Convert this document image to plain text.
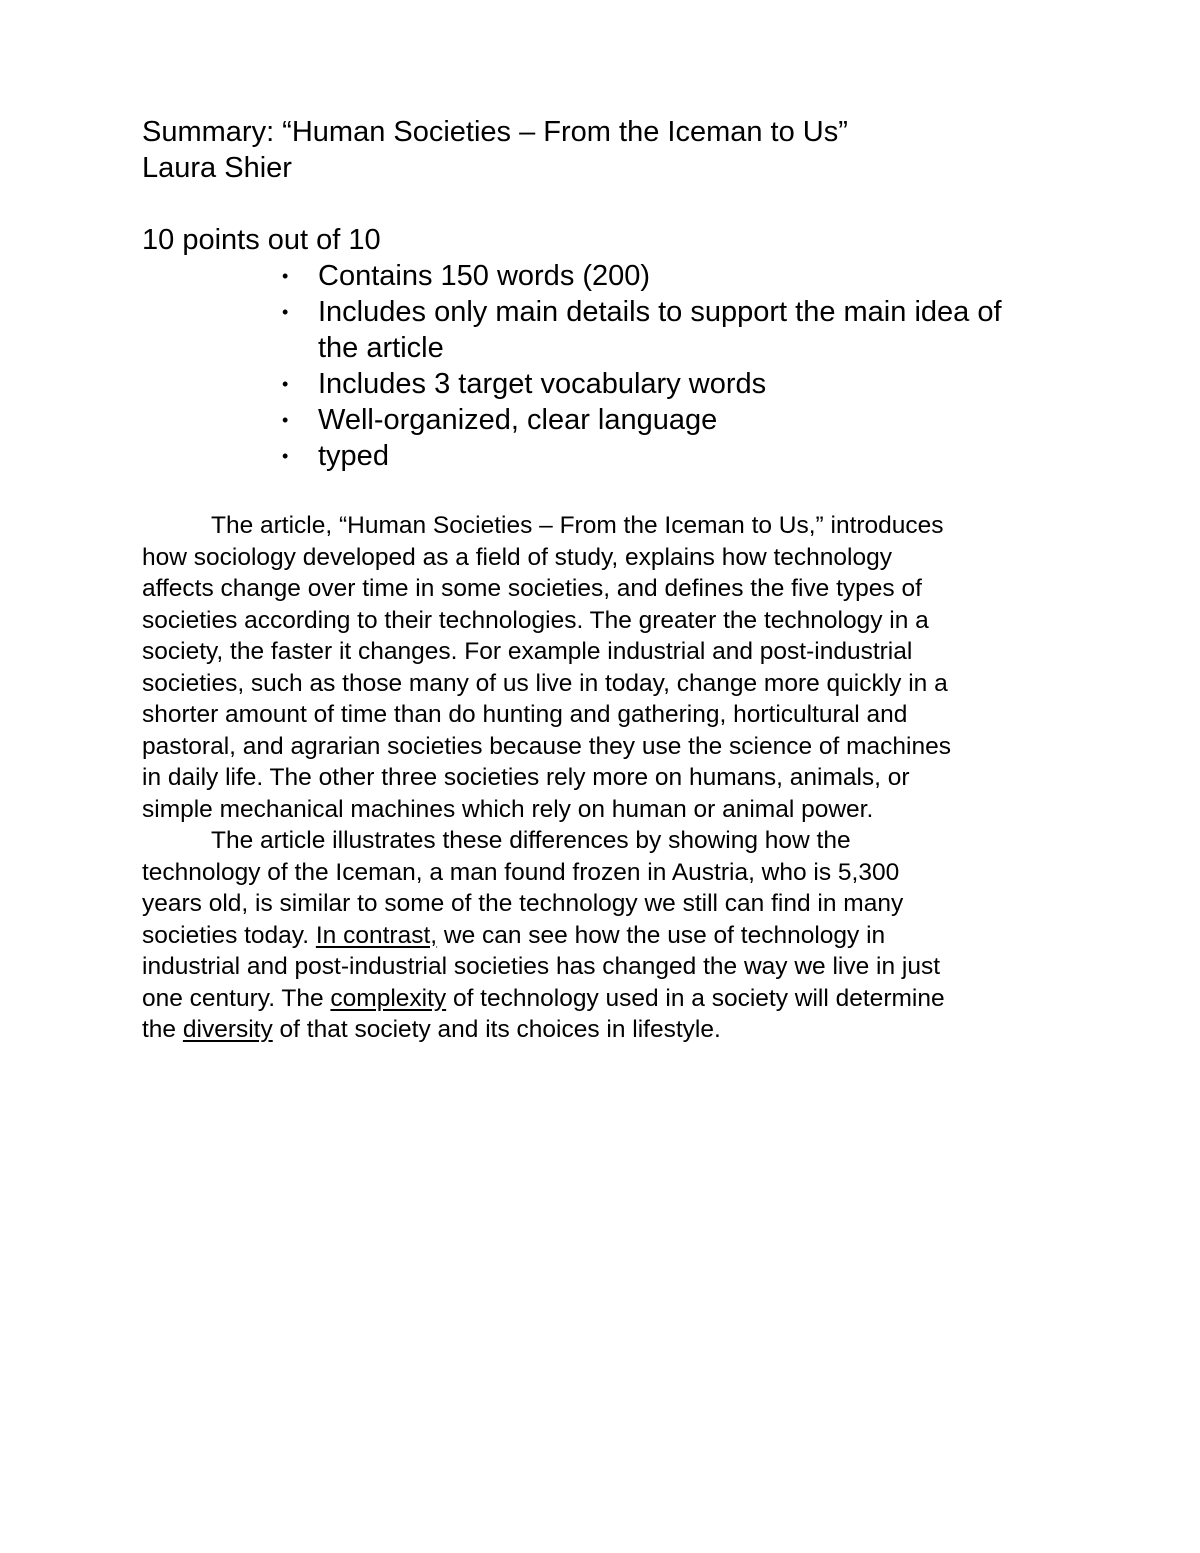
Summary: “Human Societies – From the Iceman to Us”
Laura Shier
10 points out of 10
• Contains 150 words (200)
• Includes only main details to support the main idea of
the article
• Includes 3 target vocabulary words
• Well-organized, clear language
• typed
The article, “Human Societies – From the Iceman to Us,” introduces
how sociology developed as a field of study, explains how technology
affects change over time in some societies, and defines the five types of
societies according to their technologies. The greater the technology in a
society, the faster it changes. For example industrial and post-industrial
societies, such as those many of us live in today, change more quickly in a
shorter amount of time than do hunting and gathering, horticultural and
pastoral, and agrarian societies because they use the science of machines
in daily life. The other three societies rely more on humans, animals, or
simple mechanical machines which rely on human or animal power.
The article illustrates these differences by showing how the
technology of the Iceman, a man found frozen in Austria, who is 5,300
years old, is similar to some of the technology we still can find in many
societies today. In contrast, we can see how the use of technology in
industrial and post-industrial societies has changed the way we live in just
one century. The complexity of technology used in a society will determine
the diversity of that society and its choices in lifestyle.
